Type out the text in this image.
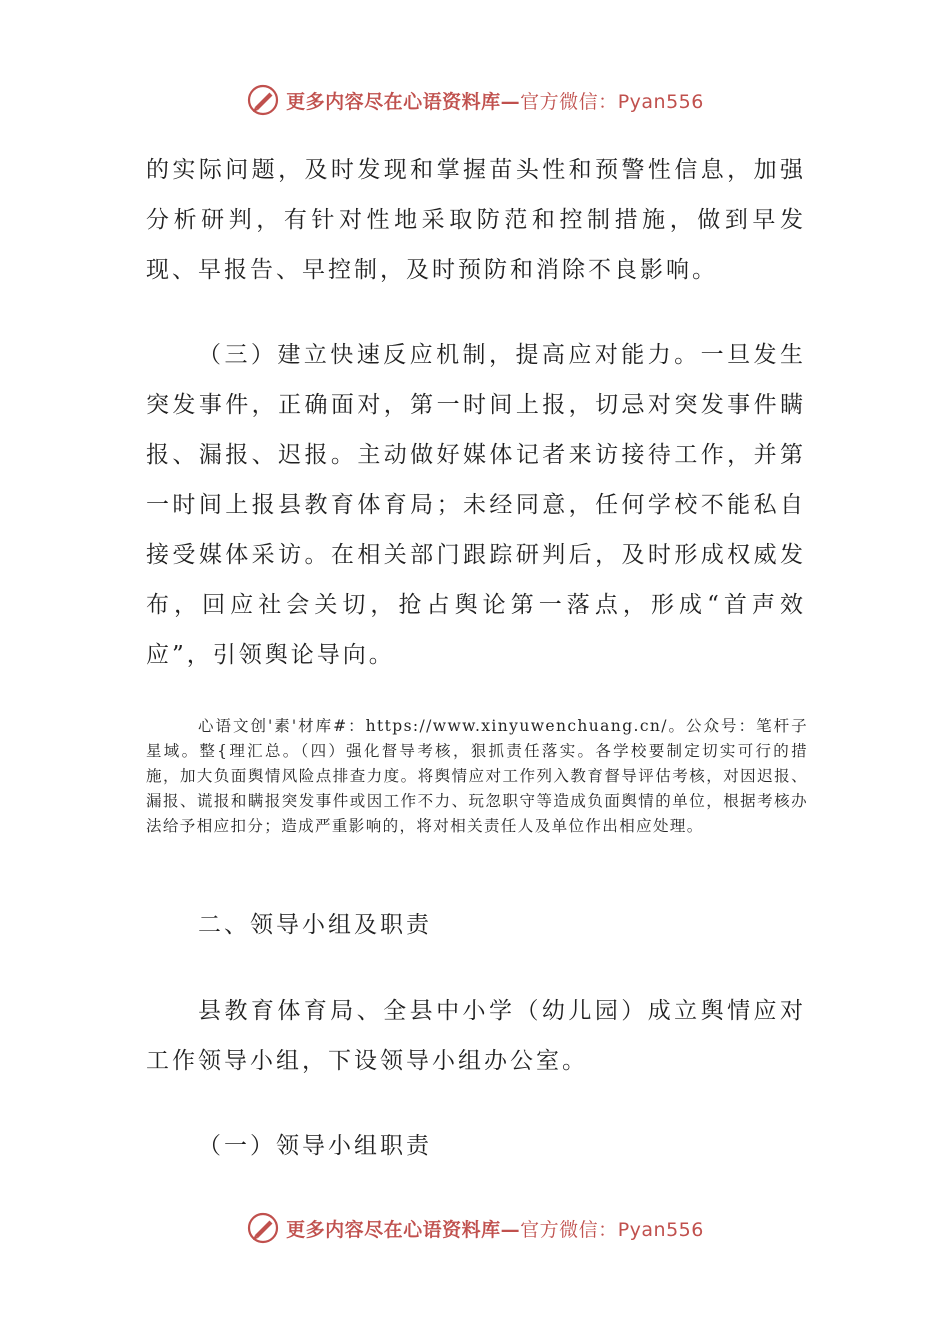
更多内容尽在心语资料库—官方微信：Pyan556

的实际问题，及时发现和掌握苗头性和预警性信息，加强分析研判，有针对性地采取防范和控制措施，做到早发现、早报告、早控制，及时预防和消除不良影响。

（三）建立快速反应机制，提高应对能力。一旦发生突发事件，正确面对，第一时间上报，切忌对突发事件瞒报、漏报、迟报。主动做好媒体记者来访接待工作，并第一时间上报县教育体育局；未经同意，任何学校不能私自接受媒体采访。在相关部门跟踪研判后，及时形成权威发布，回应社会关切，抢占舆论第一落点，形成“首声效应”，引领舆论导向。

心语文创'素'材库#：https://www.xinyuwenchuang.cn/。公众号：笔杆子星域。整{理汇总。（四）强化督导考核，狠抓责任落实。各学校要制定切实可行的措施，加大负面舆情风险点排查力度。将舆情应对工作列入教育督导评估考核，对因迟报、漏报、谎报和瞒报突发事件或因工作不力、玩忽职守等造成负面舆情的单位，根据考核办法给予相应扣分；造成严重影响的，将对相关责任人及单位作出相应处理。

二、领导小组及职责

县教育体育局、全县中小学（幼儿园）成立舆情应对工作领导小组，下设领导小组办公室。

（一）领导小组职责

更多内容尽在心语资料库—官方微信：Pyan556
